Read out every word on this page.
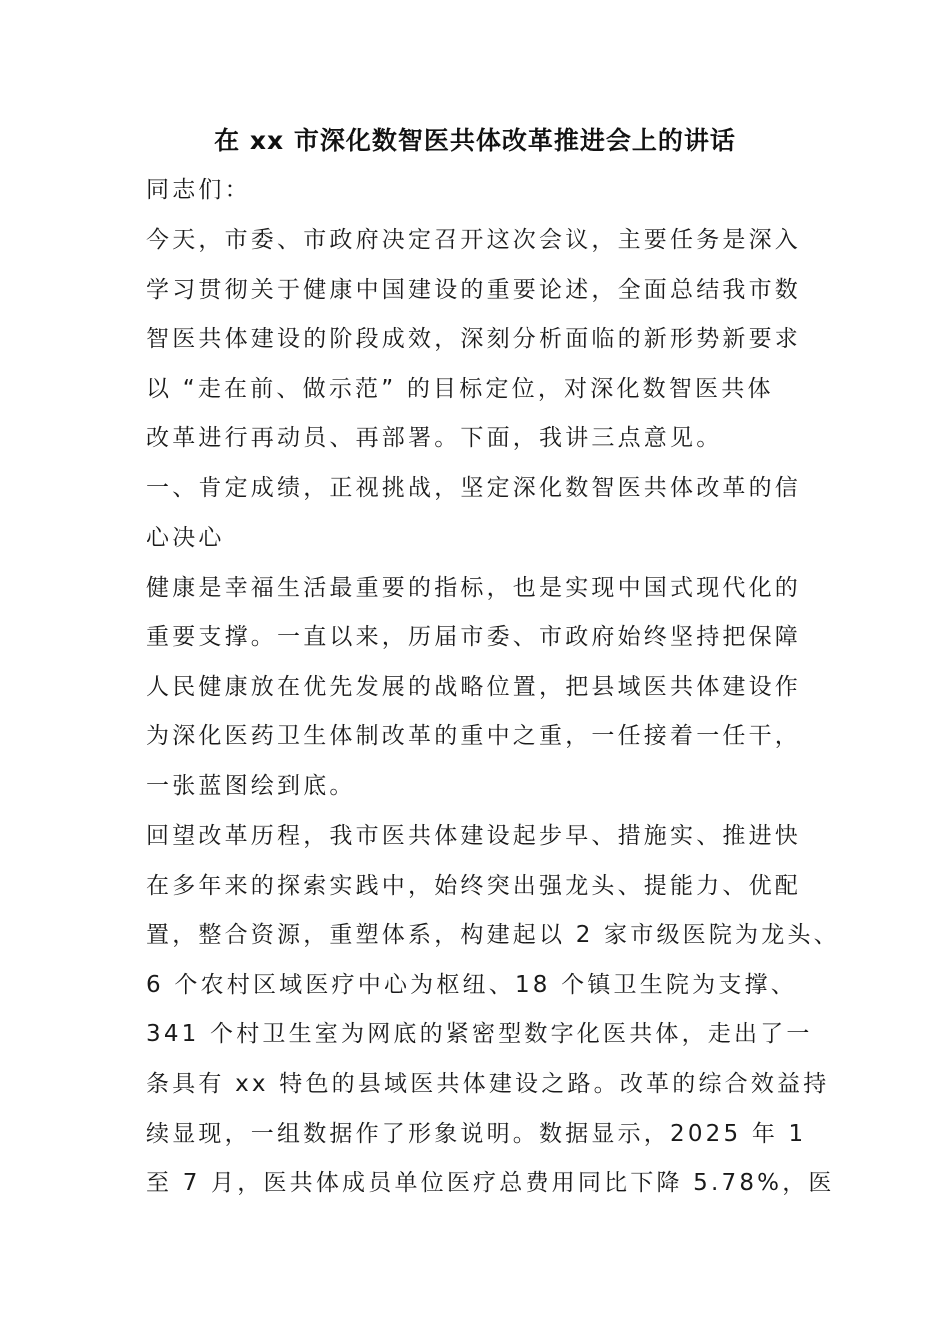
在 xx 市深化数智医共体改革推进会上的讲话
同志们：
今天，市委、市政府决定召开这次会议，主要任务是深入
学习贯彻关于健康中国建设的重要论述，全面总结我市数
智医共体建设的阶段成效，深刻分析面临的新形势新要求
以 “走在前、做示范” 的目标定位，对深化数智医共体
改革进行再动员、再部署。下面，我讲三点意见。
一、肯定成绩，正视挑战，坚定深化数智医共体改革的信
心决心
健康是幸福生活最重要的指标，也是实现中国式现代化的
重要支撑。一直以来，历届市委、市政府始终坚持把保障
人民健康放在优先发展的战略位置，把县域医共体建设作
为深化医药卫生体制改革的重中之重，一任接着一任干，
一张蓝图绘到底。
回望改革历程，我市医共体建设起步早、措施实、推进快
在多年来的探索实践中，始终突出强龙头、提能力、优配
置，整合资源，重塑体系，构建起以 2 家市级医院为龙头、
6 个农村区域医疗中心为枢纽、18 个镇卫生院为支撑、
341 个村卫生室为网底的紧密型数字化医共体，走出了一
条具有 xx 特色的县域医共体建设之路。改革的综合效益持
续显现，一组数据作了形象说明。数据显示，2025 年 1
至 7 月，医共体成员单位医疗总费用同比下降 5.78%，医
